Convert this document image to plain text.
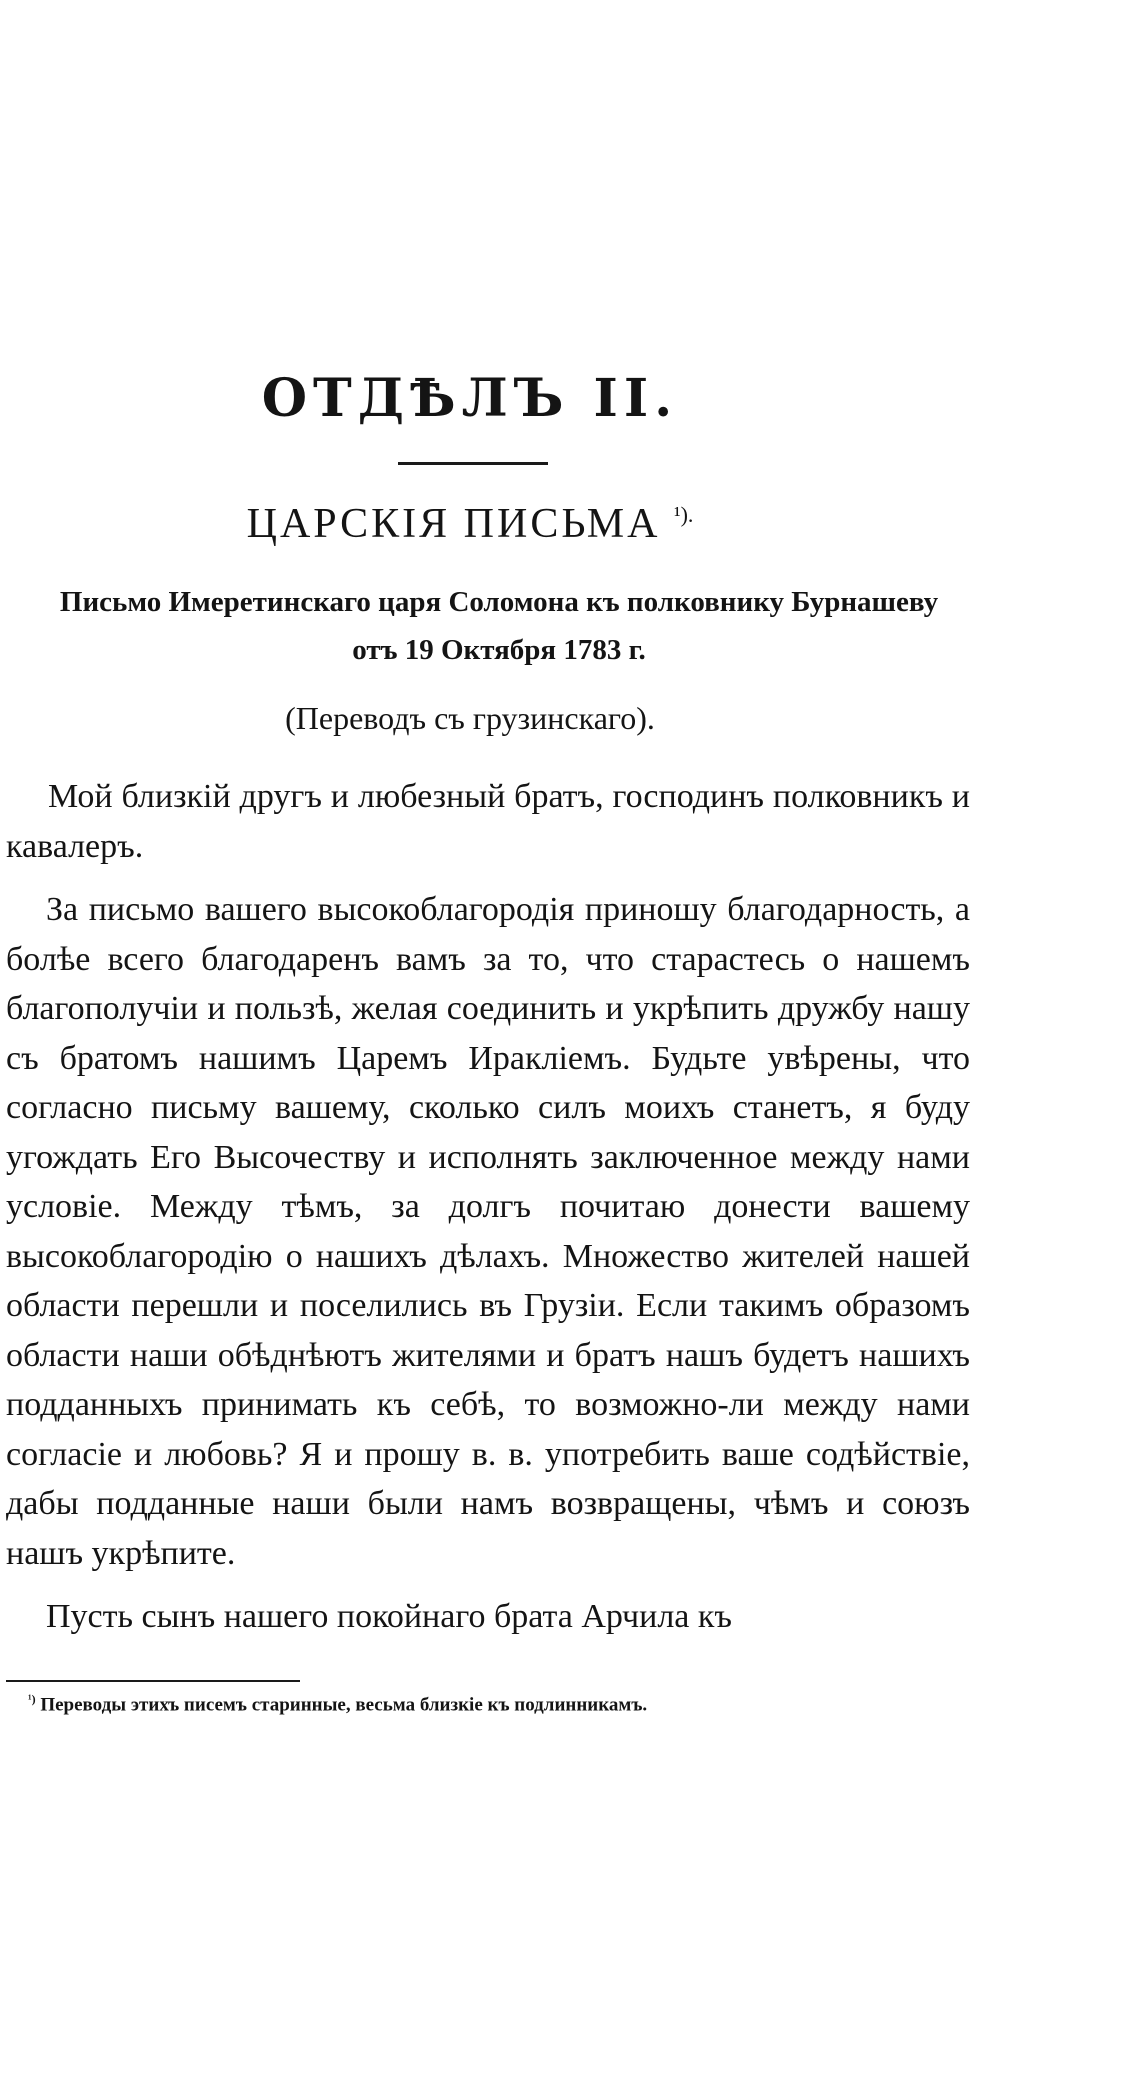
ОТДѢЛЪ II.
ЦАРСКІЯ ПИСЬМА $^{^1).}$
Письмо Имеретинскаго царя Соломона къ полковнику Бурнашеву
отъ 19 Октября 1783 г.
(Переводъ съ грузинскаго).

Мой близкій другъ и любезный братъ, господинъ полковникъ и кавалеръ.

За письмо вашего высокоблагородія приношу благодарность, а болѣе всего благодаренъ вамъ за то, что старастесь о нашемъ благополучіи и пользѣ, желая соединить и укрѣпить дружбу нашу съ братомъ нашимъ Царемъ Иракліемъ. Будьте увѣрены, что согласно письму вашему, сколько силъ моихъ станетъ, я буду угождать Его Высочеству и исполнять заключенное между нами условіе. Между тѣмъ, за долгъ почитаю донести вашему высокоблагородію о нашихъ дѣлахъ. Множество жителей нашей области перешли и поселились въ Грузіи. Если такимъ образомъ области наши обѣднѣютъ жителями и братъ нашъ будетъ нашихъ подданныхъ принимать къ себѣ, то возможно-ли между нами согласіе и любовь? Я и прошу в. в. употребить ваше содѣйствіе, дабы подданные наши были намъ возвращены, чѣмъ и союзъ нашъ укрѣпите.

Пусть сынъ нашего покойнаго брата Арчила къ

$^{^1)}$ Переводы этихъ писемъ старинные, весьма близкіе къ подлинникамъ.
